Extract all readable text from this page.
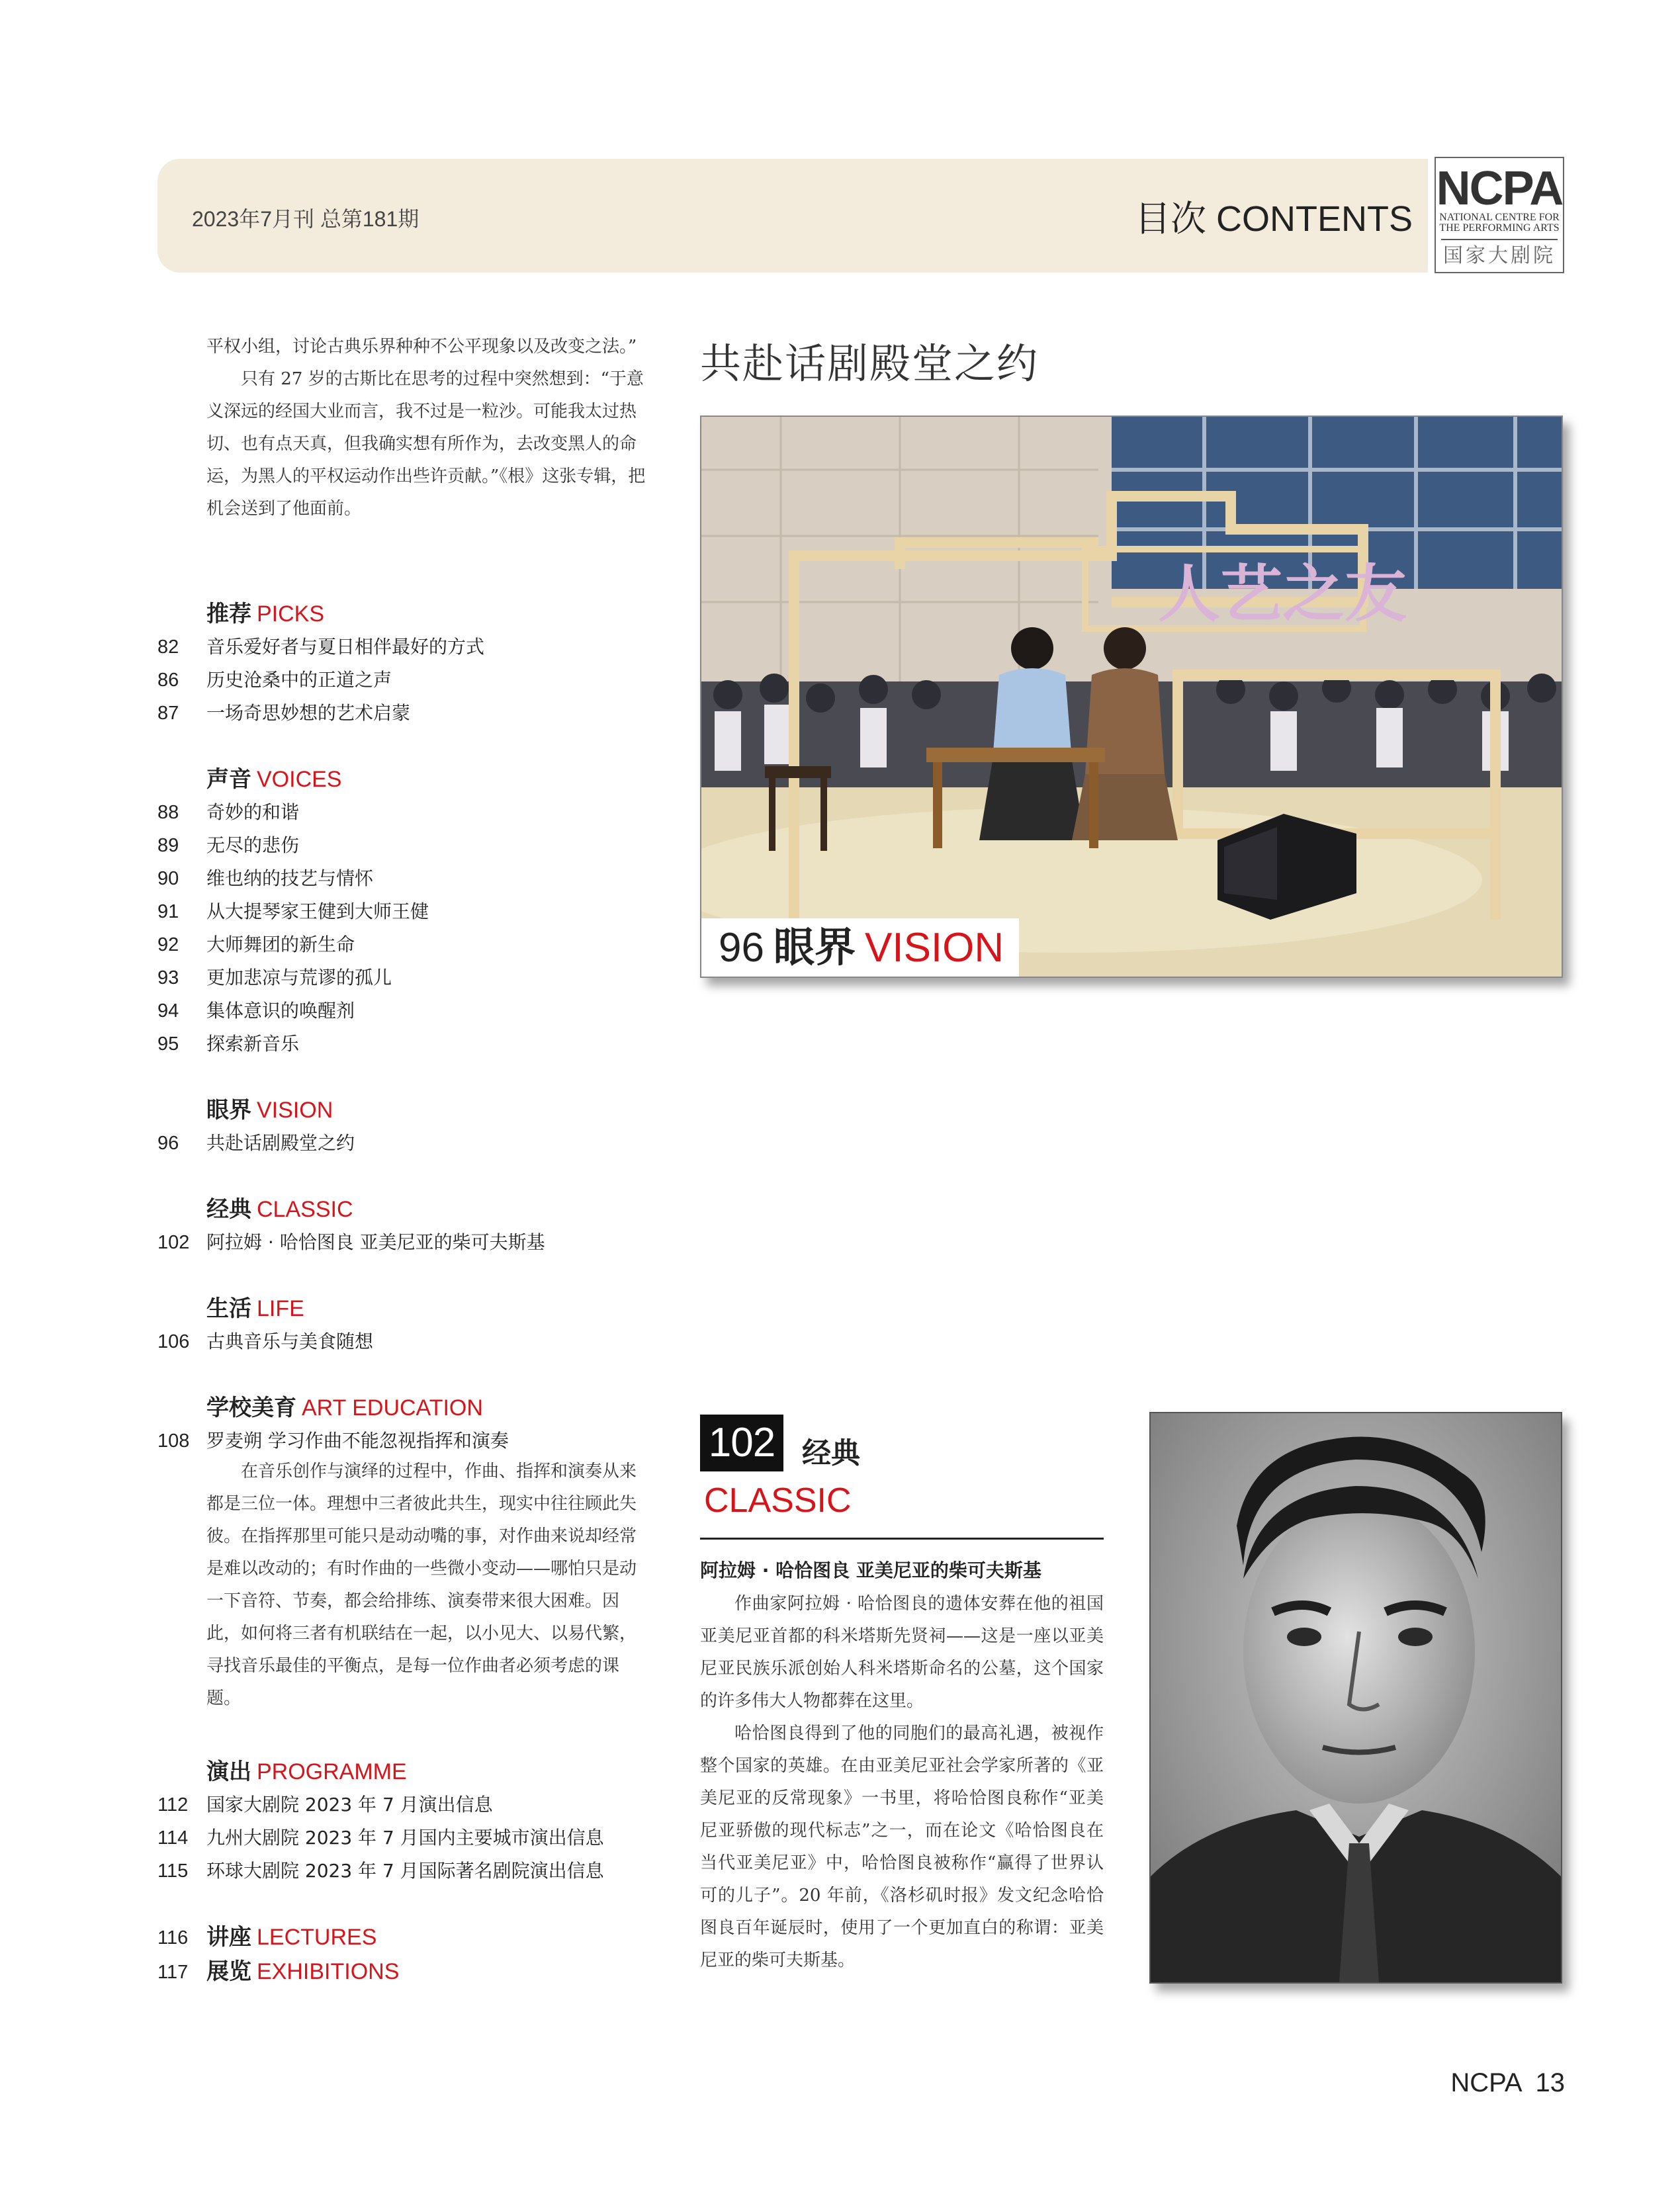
2023年7月刊 总第181期	目次 CONTENTS
NCPA
NATIONAL CENTRE FOR
THE PERFORMING ARTS
国家大剧院

平权小组，讨论古典乐界种种不公平现象以及改变之法。”

只有 27 岁的古斯比在思考的过程中突然想到：“于意义深远的经国大业而言，我不过是一粒沙。可能我太过热切、也有点天真，但我确实想有所作为，去改变黑人的命运，为黑人的平权运动作出些许贡献。”《根》这张专辑，把机会送到了他面前。

推荐 PICKS
82	音乐爱好者与夏日相伴最好的方式
86	历史沧桑中的正道之声
87	一场奇思妙想的艺术启蒙
声音 VOICES
88	奇妙的和谐
89	无尽的悲伤
90	维也纳的技艺与情怀
91	从大提琴家王健到大师王健
92	大师舞团的新生命
93	更加悲凉与荒谬的孤儿
94	集体意识的唤醒剂
95	探索新音乐
眼界 VISION
96	共赴话剧殿堂之约
经典 CLASSIC
102 阿拉姆 · 哈恰图良 亚美尼亚的柴可夫斯基
生活 LIFE
106 古典音乐与美食随想
学校美育 ART EDUCATION
108 罗麦朔 学习作曲不能忽视指挥和演奏

在音乐创作与演绎的过程中，作曲、指挥和演奏从来都是三位一体。理想中三者彼此共生，现实中往往顾此失彼。在指挥那里可能只是动动嘴的事，对作曲来说却经常是难以改动的；有时作曲的一些微小变动——哪怕只是动一下音符、节奏，都会给排练、演奏带来很大困难。因此，如何将三者有机联结在一起，以小见大、以易代繁，寻找音乐最佳的平衡点，是每一位作曲者必须考虑的课题。

演出 PROGRAMME
112 国家大剧院 2023 年 7 月演出信息
114 九州大剧院 2023 年 7 月国内主要城市演出信息
115 环球大剧院 2023 年 7 月国际著名剧院演出信息
116 讲座 LECTURES
117 展览 EXHIBITIONS
共赴话剧殿堂之约
人艺之友
96 眼界 VISION
102 经典
CLASSIC
阿拉姆 · 哈恰图良 亚美尼亚的柴可夫斯基

作曲家阿拉姆 · 哈恰图良的遗体安葬在他的祖国亚美尼亚首都的科米塔斯先贤祠——这是一座以亚美尼亚民族乐派创始人科米塔斯命名的公墓，这个国家的许多伟大人物都葬在这里。

哈恰图良得到了他的同胞们的最高礼遇，被视作整个国家的英雄。在由亚美尼亚社会学家所著的《亚美尼亚的反常现象》一书里，将哈恰图良称作“亚美尼亚骄傲的现代标志”之一，而在论文《哈恰图良在当代亚美尼亚》中，哈恰图良被称作“赢得了世界认可的儿子”。20 年前，《洛杉矶时报》发文纪念哈恰图良百年诞辰时，使用了一个更加直白的称谓：亚美尼亚的柴可夫斯基。

NCPA 13
